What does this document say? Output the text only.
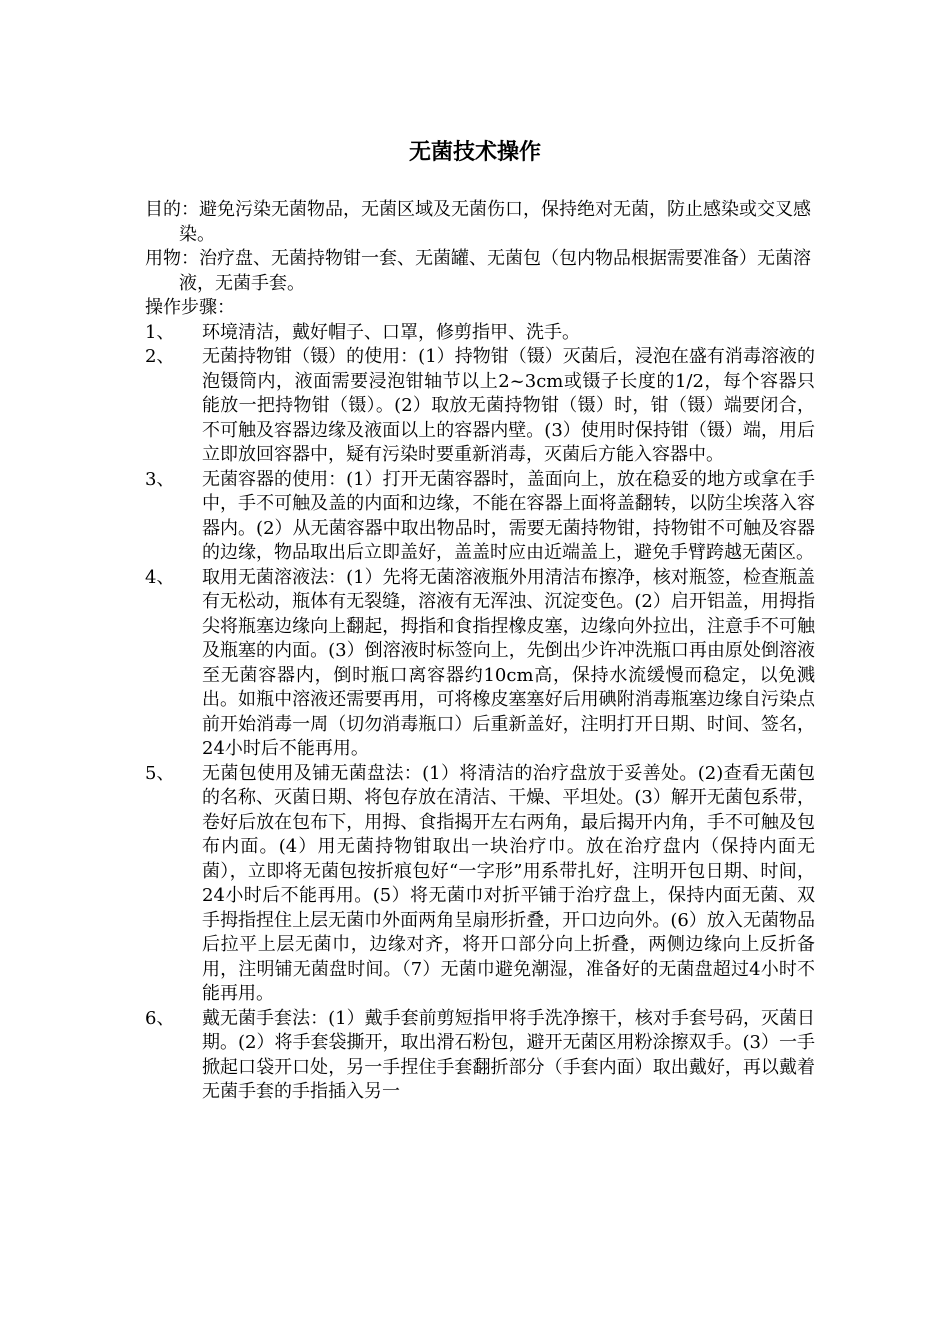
无菌技术操作

目的：避免污染无菌物品，无菌区域及无菌伤口，保持绝对无菌，防止感染或交叉感染。

用物：治疗盘、无菌持物钳一套、无菌罐、无菌包（包内物品根据需要准备）无菌溶液，无菌手套。

操作步骤：

1、	环境清洁，戴好帽子、口罩，修剪指甲、洗手。
2、	无菌持物钳（镊）的使用：(1）持物钳（镊）灭菌后，浸泡在盛有消毒溶液的泡镊筒内，液面需要浸泡钳轴节以上2~3cm或镊子长度的1/2，每个容器只能放一把持物钳（镊）。(2）取放无菌持物钳（镊）时，钳（镊）端要闭合，不可触及容器边缘及液面以上的容器内壁。(3）使用时保持钳（镊）端，用后立即放回容器中，疑有污染时要重新消毒，灭菌后方能入容器中。
3、	无菌容器的使用：(1）打开无菌容器时，盖面向上，放在稳妥的地方或拿在手中，手不可触及盖的内面和边缘，不能在容器上面将盖翻转，以防尘埃落入容器内。(2）从无菌容器中取出物品时，需要无菌持物钳，持物钳不可触及容器的边缘，物品取出后立即盖好，盖盖时应由近端盖上，避免手臂跨越无菌区。
4、	取用无菌溶液法：(1）先将无菌溶液瓶外用清洁布擦净，核对瓶签，检查瓶盖有无松动，瓶体有无裂缝，溶液有无浑浊、沉淀变色。(2）启开铝盖，用拇指尖将瓶塞边缘向上翻起，拇指和食指捏橡皮塞，边缘向外拉出，注意手不可触及瓶塞的内面。(3）倒溶液时标签向上，先倒出少许冲洗瓶口再由原处倒溶液至无菌容器内，倒时瓶口离容器约10cm高，保持水流缓慢而稳定，以免溅出。如瓶中溶液还需要再用，可将橡皮塞塞好后用碘附消毒瓶塞边缘自污染点前开始消毒一周（切勿消毒瓶口）后重新盖好，注明打开日期、时间、签名，24小时后不能再用。
5、	无菌包使用及铺无菌盘法：(1）将清洁的治疗盘放于妥善处。(2)查看无菌包的名称、灭菌日期、将包存放在清洁、干燥、平坦处。(3）解开无菌包系带，卷好后放在包布下，用拇、食指揭开左右两角，最后揭开内角，手不可触及包布内面。(4）用无菌持物钳取出一块治疗巾。放在治疗盘内（保持内面无菌），立即将无菌包按折痕包好“一字形”用系带扎好，注明开包日期、时间，24小时后不能再用。(5）将无菌巾对折平铺于治疗盘上，保持内面无菌、双手拇指捏住上层无菌巾外面两角呈扇形折叠，开口边向外。(6）放入无菌物品后拉平上层无菌巾，边缘对齐，将开口部分向上折叠，两侧边缘向上反折备用，注明铺无菌盘时间。（7）无菌巾避免潮湿，准备好的无菌盘超过4小时不能再用。
6、	戴无菌手套法：(1）戴手套前剪短指甲将手洗净擦干，核对手套号码，灭菌日期。(2）将手套袋撕开，取出滑石粉包，避开无菌区用粉涂擦双手。(3）一手掀起口袋开口处，另一手捏住手套翻折部分（手套内面）取出戴好，再以戴着无菌手套的手指插入另一
